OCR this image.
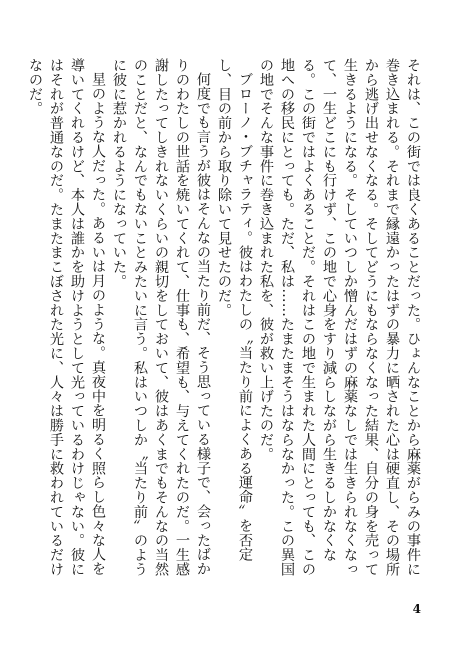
それは、この街では良くあることだった。ひょんなことから麻薬がらみの事件に巻き込まれる。それまで縁遠かったはずの暴力に晒された心は硬直し、その場所から逃げ出せなくなる。そしてどうにもならなくなった結果、自分の身を売って生きるようになる。そしていつしか憎んだはずの麻薬なしでは生きられなくなって、一生どこにも行けず、この地で心身をすり減らしながら生きるしかなくなる。この街ではよくあることだ。それはこの地で生まれた人間にとっても、この地への移民にとっても。ただ、私は……たまたまそうはならなかった。この異国の地でそんな事件に巻き込まれた私を、彼が救い上げたのだ。

ブローノ・ブチャラティ。彼はわたしの〝当たり前によくある運命〟を否定し、目の前から取り除いて見せたのだ。

何度でも言うが彼はそんなの当たり前だ、そう思っている様子で、会ったばかりのわたしの世話を焼いてくれて、仕事も、希望も、与えてくれたのだ。一生感謝したってしきれないくらいの親切をしておいて、彼はあくまでもそんなの当然のことだと、なんでもないことみたいに言う。私はいつしか〝当たり前〟のように彼に惹かれるようになっていた。

星のような人だった。あるいは月のような。真夜中を明るく照らし色々な人を導いてくれるけど、本人は誰かを助けようとして光っているわけじゃない。彼にはそれが普通なのだ。たまたまこぼされた光に、人々は勝手に救われているだけなのだ。

4
